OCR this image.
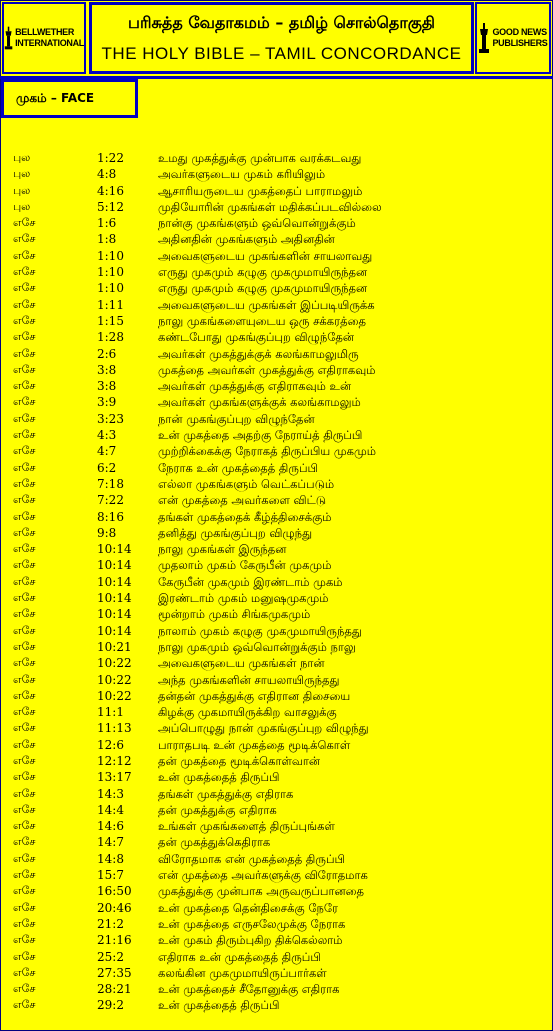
BELLWETHER
INTERNATIONAL
பரிசுத்த வேதாகமம் – தமிழ் சொல்தொகுதி
THE HOLY BIBLE – TAMIL CONCORDANCE
GOOD NEWS
PUBLISHERS
முகம் – FACE
புல	1:22	உமது முகத்துக்கு முன்பாக வரக்கடவது
புல	4:8	அவர்களுடைய முகம் கரியிலும்
புல	4:16	ஆசாரியருடைய முகத்தைப் பாராமலும்
புல	5:12	முதியோரின் முகங்கள் மதிக்கப்படவில்லை
எசே	1:6	நான்கு முகங்களும் ஒவ்வொன்றுக்கும்
எசே	1:8	அதினதின் முகங்களும் அதினதின்
எசே	1:10	அவைகளுடைய முகங்களின் சாயலாவது
எசே	1:10	எருது முகமும் கழுகு முகமுமாயிருந்தன
எசே	1:10	எருது முகமும் கழுகு முகமுமாயிருந்தன
எசே	1:11	அவைகளுடைய முகங்கள் இப்படியிருக்க
எசே	1:15	நாலு முகங்களையுடைய ஒரு சக்கரத்தை
எசே	1:28	கண்டபோது முகங்குப்புற விழுந்தேன்
எசே	2:6	அவர்கள் முகத்துக்குக் கலங்காமலுமிரு
எசே	3:8	முகத்தை அவர்கள் முகத்துக்கு எதிராகவும்
எசே	3:8	அவர்கள் முகத்துக்கு எதிராகவும் உன்
எசே	3:9	அவர்கள் முகங்களுக்குக் கலங்காமலும்
எசே	3:23	நான் முகங்குப்புற விழுந்தேன்
எசே	4:3	உன் முகத்தை அதற்கு நேராய்த் திருப்பி
எசே	4:7	முற்றிக்கைக்கு நேராகத் திருப்பிய முகமும்
எசே	6:2	நேராக உன் முகத்தைத் திருப்பி
எசே	7:18	எல்லா முகங்களும் வெட்கப்படும்
எசே	7:22	என் முகத்தை அவர்களை விட்டு
எசே	8:16	தங்கள் முகத்தைக் கீழ்த்திசைக்கும்
எசே	9:8	தனித்து முகங்குப்புற விழுந்து
எசே	10:14 நாலு முகங்கள் இருந்தன
எசே	10:14 முதலாம் முகம் கேருபீன் முகமும்
எசே	10:14 கேருபீன் முகமும் இரண்டாம் முகம்
எசே	10:14 இரண்டாம் முகம் மனுஷமுகமும்
எசே	10:14 மூன்றாம் முகம் சிங்கமுகமும்
எசே	10:14 நாலாம் முகம் கழுகு முகமுமாயிருந்தது
எசே	10:21 நாலு முகமும் ஒவ்வொன்றுக்கும் நாலு
எசே	10:22 அவைகளுடைய முகங்கள் நான்
எசே	10:22 அந்த முகங்களின் சாயலாயிருந்தது
எசே	10:22 தன்தன் முகத்துக்கு எதிரான திசையை
எசே	11:1	கிழக்கு முகமாயிருக்கிற வாசலுக்கு
எசே	11:13 அப்பொழுது நான் முகங்குப்புற விழுந்து
எசே	12:6	பாராதபடி உன் முகத்தை மூடிக்கொள்
எசே	12:12 தன் முகத்தை மூடிக்கொள்வான்
எசே	13:17 உன் முகத்தைத் திருப்பி
எசே	14:3	தங்கள் முகத்துக்கு எதிராக
எசே	14:4	தன் முகத்துக்கு எதிராக
எசே	14:6	உங்கள் முகங்களைத் திருப்புங்கள்
எசே	14:7	தன் முகத்துக்கெதிராக
எசே	14:8	விரோதமாக என் முகத்தைத் திருப்பி
எசே	15:7	என் முகத்தை அவர்களுக்கு விரோதமாக
எசே	16:50 முகத்துக்கு முன்பாக அருவருப்பானதை
எசே	20:46 உன் முகத்தை தென்திசைக்கு நேரே
எசே	21:2	உன் முகத்தை எருசலேமுக்கு நேராக
எசே	21:16 உன் முகம் திரும்புகிற திக்கெல்லாம்
எசே	25:2	எதிராக உன் முகத்தைத் திருப்பி
எசே	27:35 கலங்கின முகமுமாயிருப்பார்கள்
எசே	28:21 உன் முகத்தைச் சீதோனுக்கு எதிராக
எசே	29:2	உன் முகத்தைத் திருப்பி
